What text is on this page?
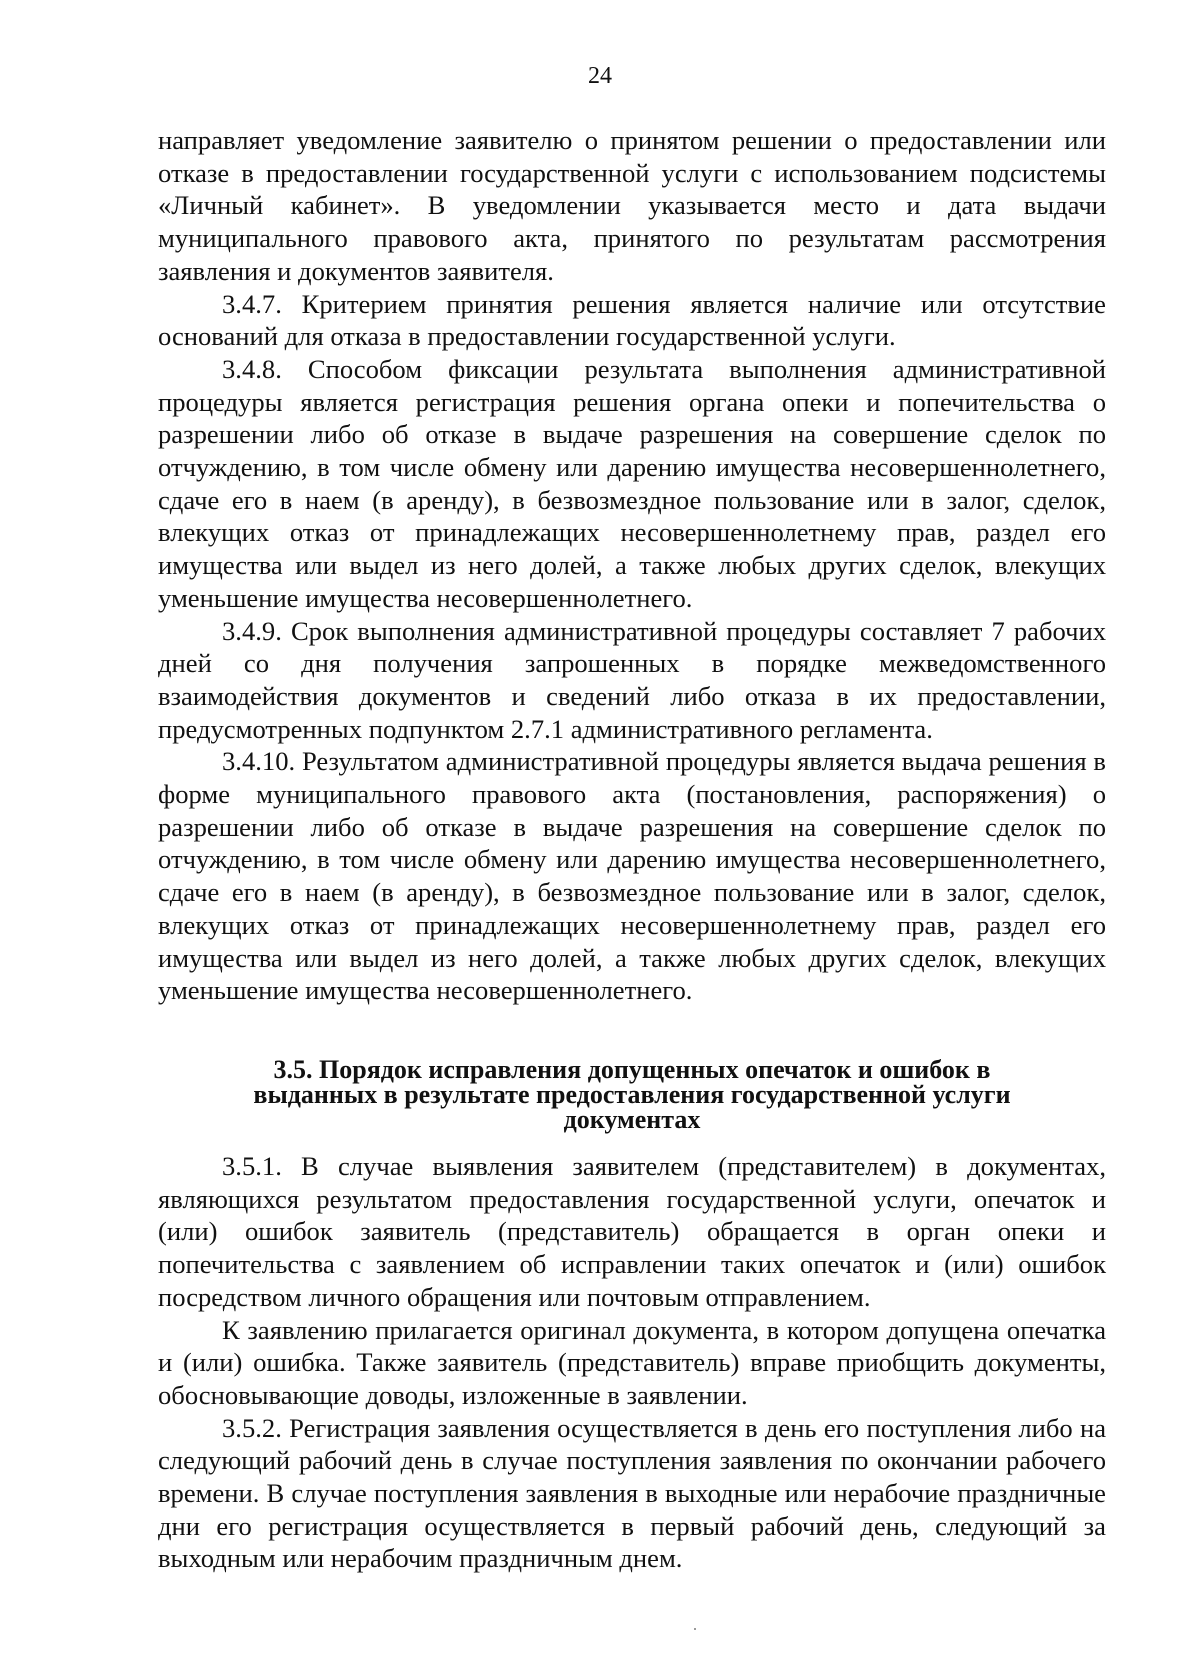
24

направляет уведомление заявителю о принятом решении о предоставлении или отказе в предоставлении государственной услуги с использованием подсистемы «Личный кабинет». В уведомлении указывается место и дата выдачи муниципального правового акта, принятого по результатам рассмотрения заявления и документов заявителя.

3.4.7. Критерием принятия решения является наличие или отсутствие оснований для отказа в предоставлении государственной услуги.

3.4.8. Способом фиксации результата выполнения административной процедуры является регистрация решения органа опеки и попечительства о разрешении либо об отказе в выдаче разрешения на совершение сделок по отчуждению, в том числе обмену или дарению имущества несовершеннолетнего, сдаче его в наем (в аренду), в безвозмездное пользование или в залог, сделок, влекущих отказ от принадлежащих несовершеннолетнему прав, раздел его имущества или выдел из него долей, а также любых других сделок, влекущих уменьшение имущества несовершеннолетнего.

3.4.9. Срок выполнения административной процедуры составляет 7 рабочих дней со дня получения запрошенных в порядке межведомственного взаимодействия документов и сведений либо отказа в их предоставлении, предусмотренных подпунктом 2.7.1 административного регламента.

3.4.10. Результатом административной процедуры является выдача решения в форме муниципального правового акта (постановления, распоряжения) о разрешении либо об отказе в выдаче разрешения на совершение сделок по отчуждению, в том числе обмену или дарению имущества несовершеннолетнего, сдаче его в наем (в аренду), в безвозмездное пользование или в залог, сделок, влекущих отказ от принадлежащих несовершеннолетнему прав, раздел его имущества или выдел из него долей, а также любых других сделок, влекущих уменьшение имущества несовершеннолетнего.

3.5. Порядок исправления допущенных опечаток и ошибок в
выданных в результате предоставления государственной услуги
документах

3.5.1. В случае выявления заявителем (представителем) в документах, являющихся результатом предоставления государственной услуги, опечаток и (или) ошибок заявитель (представитель) обращается в орган опеки и попечительства с заявлением об исправлении таких опечаток и (или) ошибок посредством личного обращения или почтовым отправлением.

К заявлению прилагается оригинал документа, в котором допущена опечатка и (или) ошибка. Также заявитель (представитель) вправе приобщить документы, обосновывающие доводы, изложенные в заявлении.

3.5.2. Регистрация заявления осуществляется в день его поступления либо на следующий рабочий день в случае поступления заявления по окончании рабочего времени. В случае поступления заявления в выходные или нерабочие праздничные дни его регистрация осуществляется в первый рабочий день, следующий за выходным или нерабочим праздничным днем.
